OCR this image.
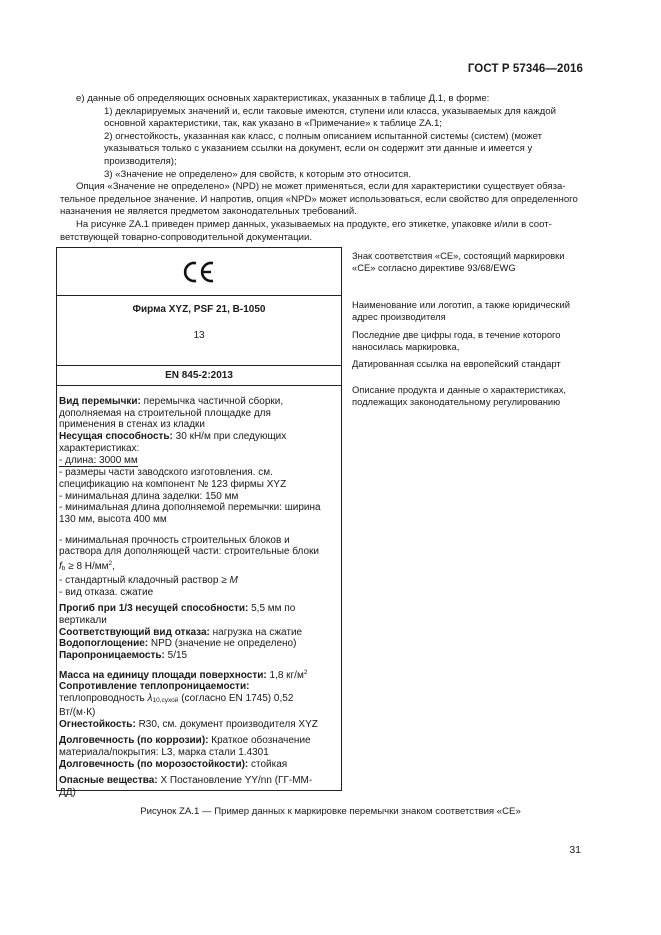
ГОСТ Р 57346—2016

e) данные об определяющих основных характеристиках, указанных в таблице Д.1, в форме:

1) декларируемых значений и, если таковые имеются, ступени или класса, указываемых для каждой

основной характеристики, так, как указано в «Примечание» к таблице ZA.1;

2) огнестойкость, указанная как класс, с полным описанием испытанной системы (систем) (может

указываться только с указанием ссылки на документ, если он содержит эти данные и имеется у

производителя);

3) «Значение не определено» для свойств, к которым это относится.

Опция «Значение не определено» (NPD) не может применяться, если для характеристики существует обяза-

тельное предельное значение. И напротив, опция «NPD» может использоваться, если свойство для определенного

назначения не является предметом законодательных требований.

На рисунке ZA.1 приведен пример данных, указываемых на продукте, его этикетке, упаковке и/или в соот-

ветствующей товарно-сопроводительной документации.

Фирма XYZ, PSF 21, B-1050
13
EN 845-2:2013
Вид перемычки: перемычка частичной сборки,
дополняемая на строительной площадке для
применения в стенах из кладки
Несущая способность: 30 кН/м при следующих
характеристиках:
- длина: 3000 мм
- размеры части заводского изготовления. см.
спецификацию на компонент № 123 фирмы XYZ
- минимальная длина заделки: 150 мм
- минимальная длина дополняемой перемычки: ширина
130 мм, высота 400 мм
- минимальная прочность строительных блоков и
раствора для дополняющей части: строительные блоки
$f_b \ge 8$ $Н/мм^2$,
- стандартный кладочный раствор ≥ M
- вид отказа. сжатие
Прогиб при 1/3 несущей способности: 5,5 мм по
вертикали
Соответствующий вид отказа: нагрузка на сжатие
Водопоглощение: NPD (значение не определено)
Паропроницаемость: 5/15
Масса на единицу площади поверхности: 1,8 $кг/м^2$
Сопротивление теплопроницаемости:
теплопроводность $\lambda_{10,сухой}$ (согласно EN 1745) 0,52
Вт/(м·К)
Огнестойкость: R30, см. документ производителя XYZ
Долговечность (по коррозии): Краткое обозначение
материала/покрытия: L3, марка стали 1.4301
Долговечность (по морозостойкости): стойкая
Опасные вещества: X Постановление YY/nn (ГГ-ММ-
ДД)
Знак соответствия «CE», состоящий маркировки
«CE» согласно директиве 93/68/EWG
Наименование или логотип, а также юридический
адрес производителя
Последние две цифры года, в течение которого
наносилась маркировка,
Датированная ссылка на европейский стандарт
Описание продукта и данные о характеристиках,
подлежащих законодательному регулированию
Рисунок ZA.1 — Пример данных к маркировке перемычки знаком соответствия «CE»
31
